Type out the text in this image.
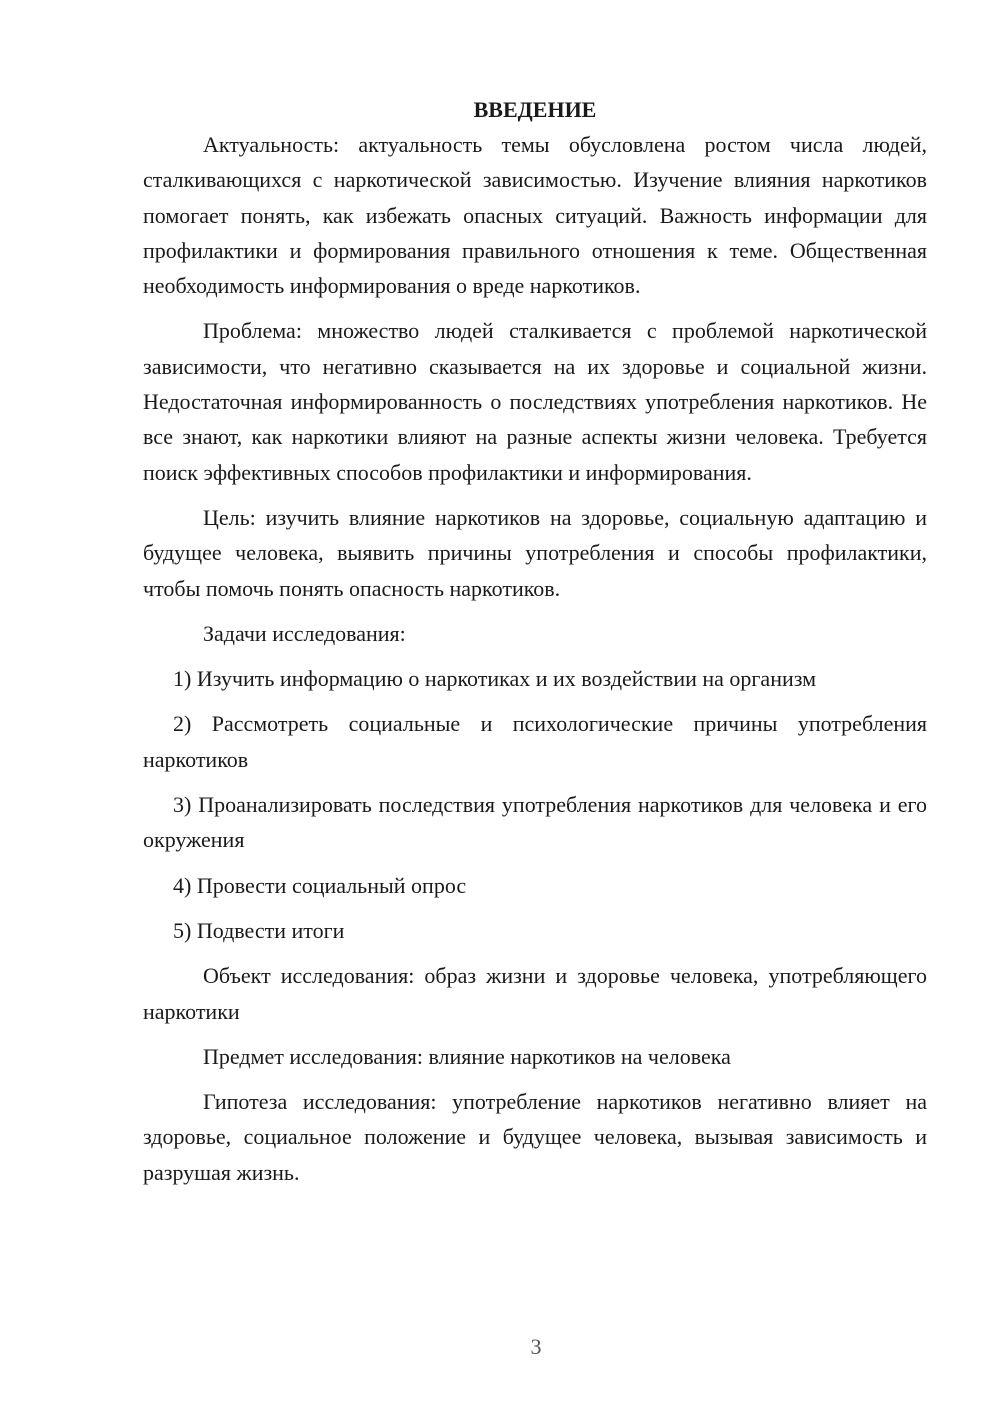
ВВЕДЕНИЕ

Актуальность: актуальность темы обусловлена ростом числа людей, сталкивающихся с наркотической зависимостью. Изучение влияния наркотиков помогает понять, как избежать опасных ситуаций. Важность информации для профилактики и формирования правильного отношения к теме. Общественная необходимость информирования о вреде наркотиков.

Проблема: множество людей сталкивается с проблемой наркотической зависимости, что негативно сказывается на их здоровье и социальной жизни. Недостаточная информированность о последствиях употребления наркотиков. Не все знают, как наркотики влияют на разные аспекты жизни человека. Требуется поиск эффективных способов профилактики и информирования.

Цель: изучить влияние наркотиков на здоровье, социальную адаптацию и будущее человека, выявить причины употребления и способы профилактики, чтобы помочь понять опасность наркотиков.

Задачи исследования:

1) Изучить информацию о наркотиках и их воздействии на организм

2) Рассмотреть социальные и психологические причины употребления наркотиков

3) Проанализировать последствия употребления наркотиков для человека и его окружения

4) Провести социальный опрос

5) Подвести итоги

Объект исследования: образ жизни и здоровье человека, употребляющего наркотики

Предмет исследования: влияние наркотиков на человека

Гипотеза исследования: употребление наркотиков негативно влияет на здоровье, социальное положение и будущее человека, вызывая зависимость и разрушая жизнь.

3
